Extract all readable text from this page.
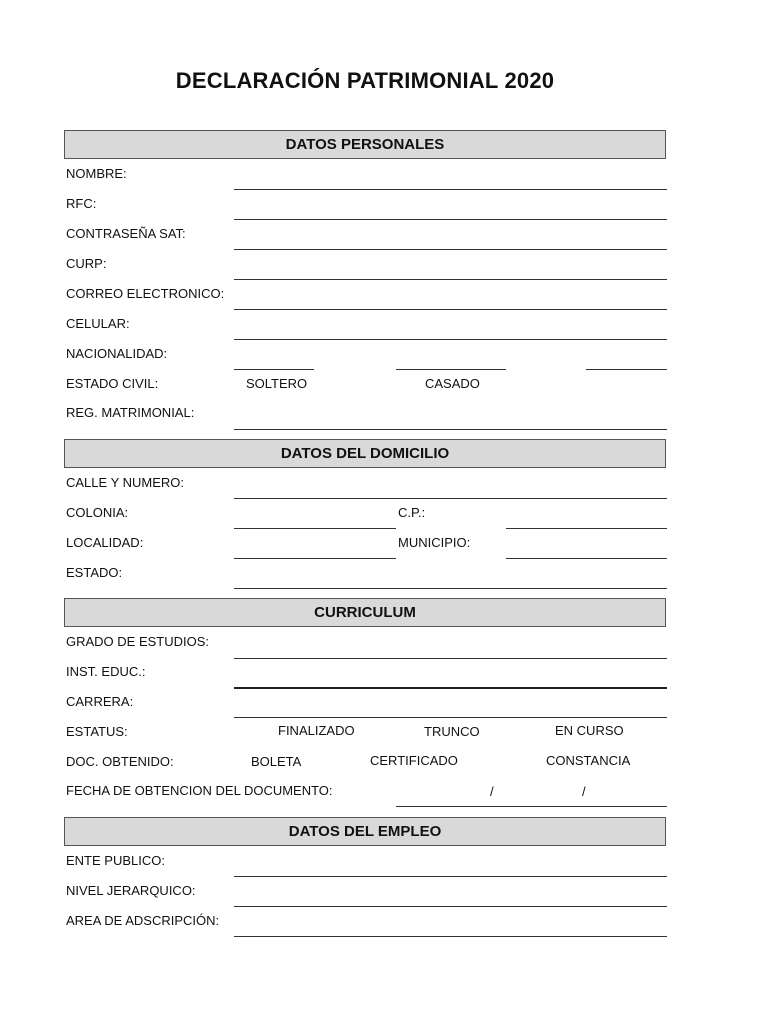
DECLARACIÓN PATRIMONIAL 2020
DATOS PERSONALES
NOMBRE:
RFC:
CONTRASEÑA SAT:
CURP:
CORREO ELECTRONICO:
CELULAR:
NACIONALIDAD:
ESTADO CIVIL:	SOLTERO	CASADO
REG. MATRIMONIAL:
DATOS DEL DOMICILIO
CALLE Y NUMERO:
COLONIA:	C.P.:
LOCALIDAD:	MUNICIPIO:
ESTADO:
CURRICULUM
GRADO DE ESTUDIOS:
INST. EDUC.:
CARRERA:
ESTATUS:	FINALIZADO	TRUNCO	EN CURSO
DOC. OBTENIDO:	BOLETA	CERTIFICADO	CONSTANCIA
FECHA DE OBTENCION DEL DOCUMENTO:	/	/
DATOS DEL EMPLEO
ENTE PUBLICO:
NIVEL JERARQUICO:
AREA DE ADSCRIPCIÓN:
